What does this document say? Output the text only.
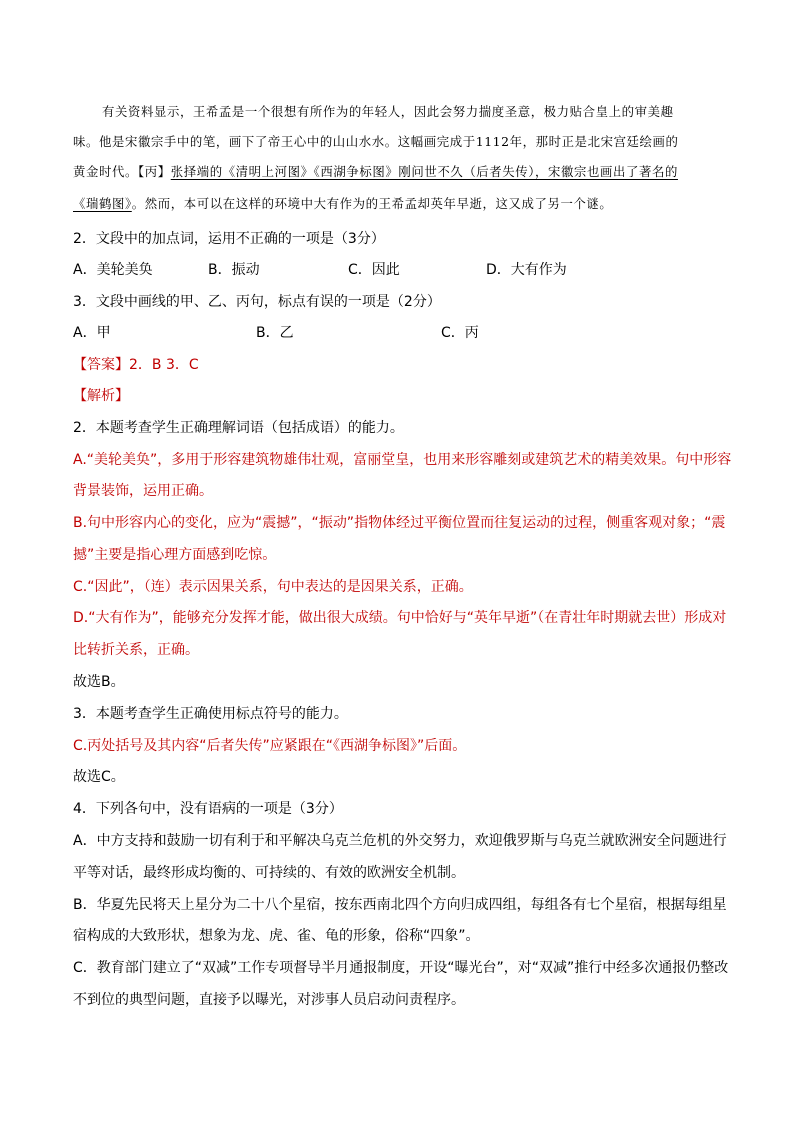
有关资料显示，王希孟是一个很想有所作为的年轻人，因此会努力揣度圣意，极力贴合皇上的审美趣
味。他是宋徽宗手中的笔，画下了帝王心中的山山水水。这幅画完成于1112年，那时正是北宋宫廷绘画的
黄金时代。【丙】张择端的《清明上河图》《西湖争标图》刚问世不久（后者失传），宋徽宗也画出了著名的
《瑞鹤图》。然而，本可以在这样的环境中大有作为的王希孟却英年早逝，这又成了另一个谜。
2．文段中的加点词，运用不正确的一项是（3分）
A．美轮美奂	B．振动	C．因此	D．大有作为
3．文段中画线的甲、乙、丙句，标点有误的一项是（2分）
A．甲	B．乙	C．丙
【答案】2．B 3．C
【解析】
2．本题考查学生正确理解词语（包括成语）的能力。
A.“美轮美奂”，多用于形容建筑物雄伟壮观，富丽堂皇，也用来形容雕刻或建筑艺术的精美效果。句中形容
背景装饰，运用正确。
B.句中形容内心的变化，应为“震撼”，“振动”指物体经过平衡位置而往复运动的过程，侧重客观对象；“震
撼”主要是指心理方面感到吃惊。
C.“因此”，（连）表示因果关系，句中表达的是因果关系，正确。
D.“大有作为”，能够充分发挥才能，做出很大成绩。句中恰好与“英年早逝”（在青壮年时期就去世）形成对
比转折关系，正确。
故选B。
3．本题考查学生正确使用标点符号的能力。
C.丙处括号及其内容“后者失传”应紧跟在“《西湖争标图》”后面。
故选C。
4．下列各句中，没有语病的一项是（3分）
A．中方支持和鼓励一切有利于和平解决乌克兰危机的外交努力，欢迎俄罗斯与乌克兰就欧洲安全问题进行
平等对话，最终形成均衡的、可持续的、有效的欧洲安全机制。
B．华夏先民将天上星分为二十八个星宿，按东西南北四个方向归成四组，每组各有七个星宿，根据每组星
宿构成的大致形状，想象为龙、虎、雀、龟的形象，俗称“四象”。
C．教育部门建立了“双减”工作专项督导半月通报制度，开设“曝光台”，对“双减”推行中经多次通报仍整改
不到位的典型问题，直接予以曝光，对涉事人员启动问责程序。
